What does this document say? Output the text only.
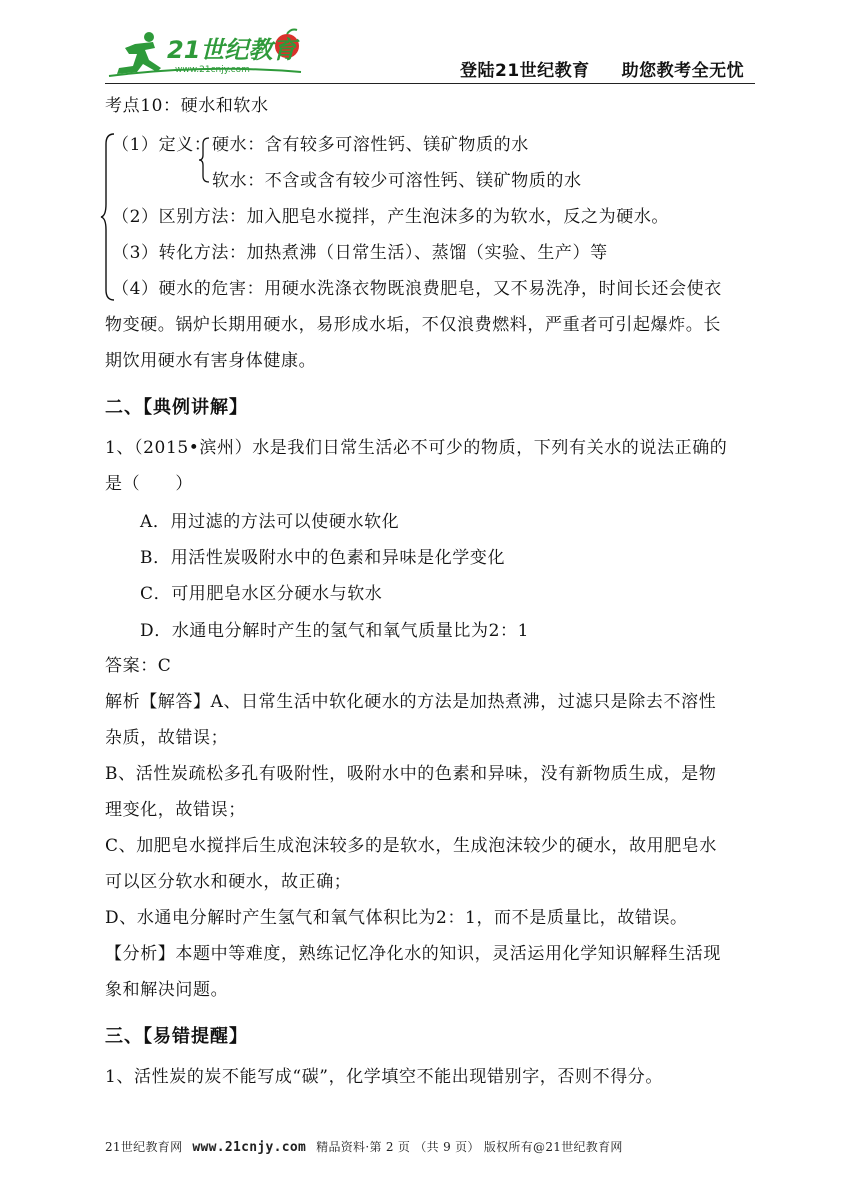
21世纪教育
www.21cnjy.com	登陆21世纪教育 助您教考全无忧
考点10：硬水和软水
（1）定义： 硬水：含有较多可溶性钙、镁矿物质的水
软水：不含或含有较少可溶性钙、镁矿物质的水
（2）区别方法：加入肥皂水搅拌，产生泡沫多的为软水，反之为硬水。
（3）转化方法：加热煮沸（日常生活）、蒸馏（实验、生产）等
（4）硬水的危害：用硬水洗涤衣物既浪费肥皂，又不易洗净，时间长还会使衣
物变硬。锅炉长期用硬水，易形成水垢，不仅浪费燃料，严重者可引起爆炸。长
期饮用硬水有害身体健康。
二、【典例讲解】
1、（2015•滨州）水是我们日常生活必不可少的物质，下列有关水的说法正确的
是（　　）
A．用过滤的方法可以使硬水软化
B．用活性炭吸附水中的色素和异味是化学变化
C．可用肥皂水区分硬水与软水
D．水通电分解时产生的氢气和氧气质量比为2：1
答案：C
解析【解答】A、日常生活中软化硬水的方法是加热煮沸，过滤只是除去不溶性
杂质，故错误；
B、活性炭疏松多孔有吸附性，吸附水中的色素和异味，没有新物质生成，是物
理变化，故错误；
C、加肥皂水搅拌后生成泡沫较多的是软水，生成泡沫较少的硬水，故用肥皂水
可以区分软水和硬水，故正确；
D、水通电分解时产生氢气和氧气体积比为2：1，而不是质量比，故错误。
【分析】本题中等难度，熟练记忆净化水的知识，灵活运用化学知识解释生活现
象和解决问题。
三、【易错提醒】
1、活性炭的炭不能写成“碳”，化学填空不能出现错别字，否则不得分。
21世纪教育网 www.21cnjy.com 精品资料·第 2 页 （共 9 页） 版权所有@21世纪教育网
